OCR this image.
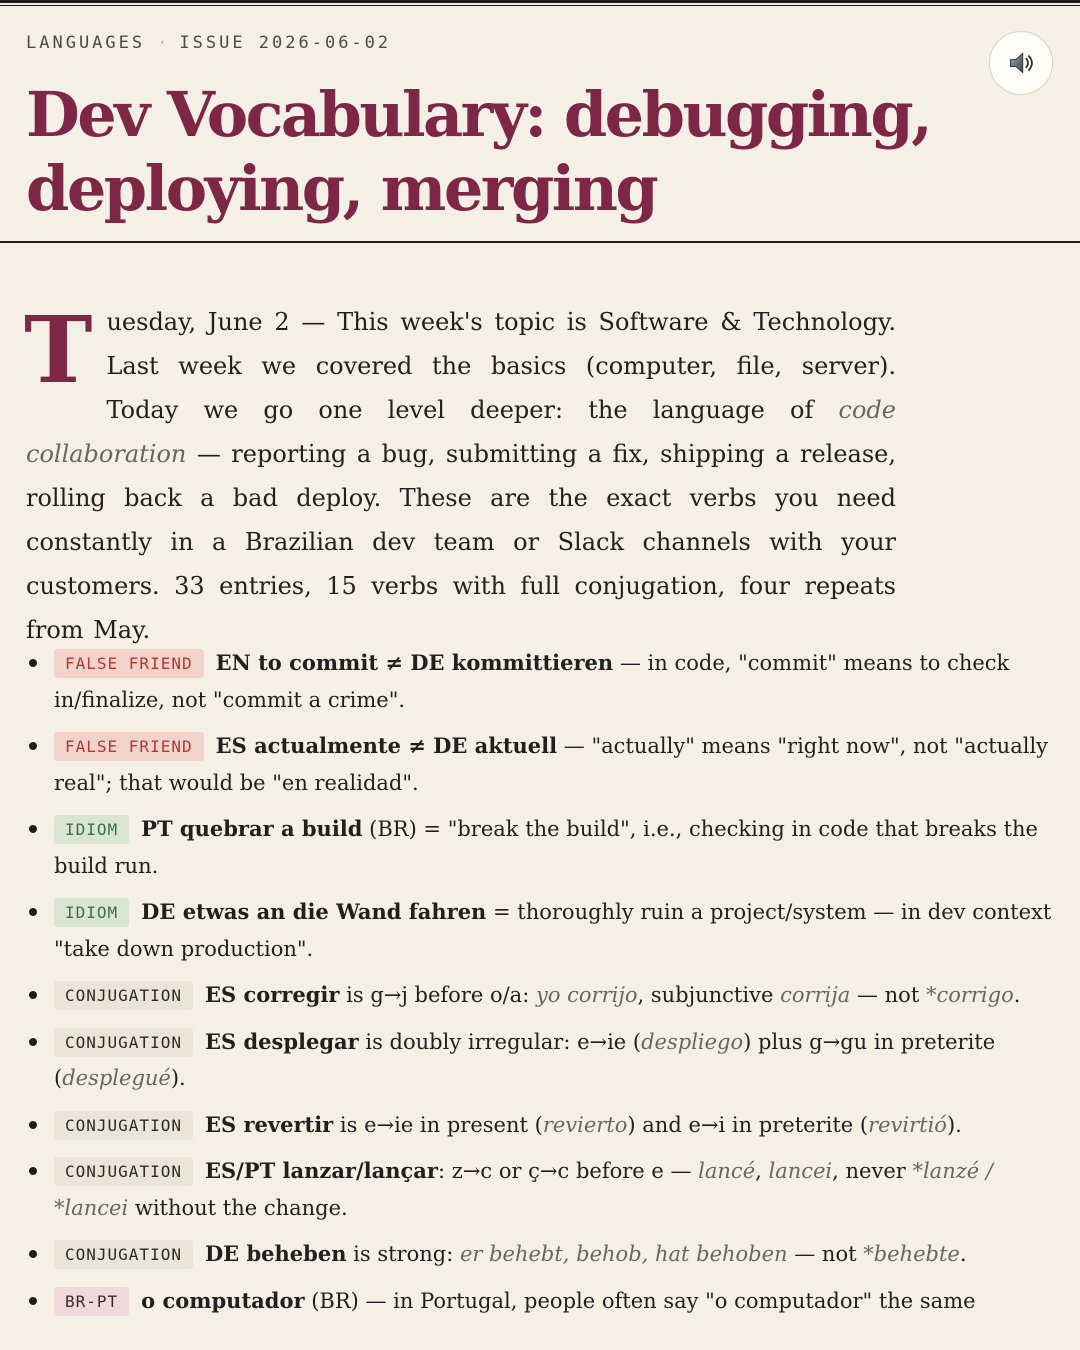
LANGUAGES · ISSUE 2026-06-02
Dev Vocabulary: debugging, deploying, merging

Tuesday, June 2 — This week's topic is Software & Technology. Last week we covered the basics (computer, file, server). Today we go one level deeper: the language of code collaboration — reporting a bug, submitting a fix, shipping a release, rolling back a bad deploy. These are the exact verbs you need constantly in a Brazilian dev team or Slack channels with your customers. 33 entries, 15 verbs with full conjugation, four repeats from May.

FALSE FRIEND EN to commit ≠ DE kommittieren — in code, "commit" means to check in/finalize, not "commit a crime".
FALSE FRIEND ES actualmente ≠ DE aktuell — "actually" means "right now", not "actually real"; that would be "en realidad".
IDIOM PT quebrar a build (BR) = "break the build", i.e., checking in code that breaks the build run.
IDIOM DE etwas an die Wand fahren = thoroughly ruin a project/system — in dev context "take down production".
CONJUGATION ES corregir is g→j before o/a: yo corrijo, subjunctive corrija — not *corrigo.
CONJUGATION ES desplegar is doubly irregular: e→ie (despliego) plus g→gu in preterite (desplegué).
CONJUGATION ES revertir is e→ie in present (revierto) and e→i in preterite (revirtió).
CONJUGATION ES/PT lanzar/lançar: z→c or ç→c before e — lancé, lancei, never *lanzé / *lancei without the change.
CONJUGATION DE beheben is strong: er behebt, behob, hat behoben — not *behebte.
BR-PT o computador (BR) — in Portugal, people often say "o computador" the same
